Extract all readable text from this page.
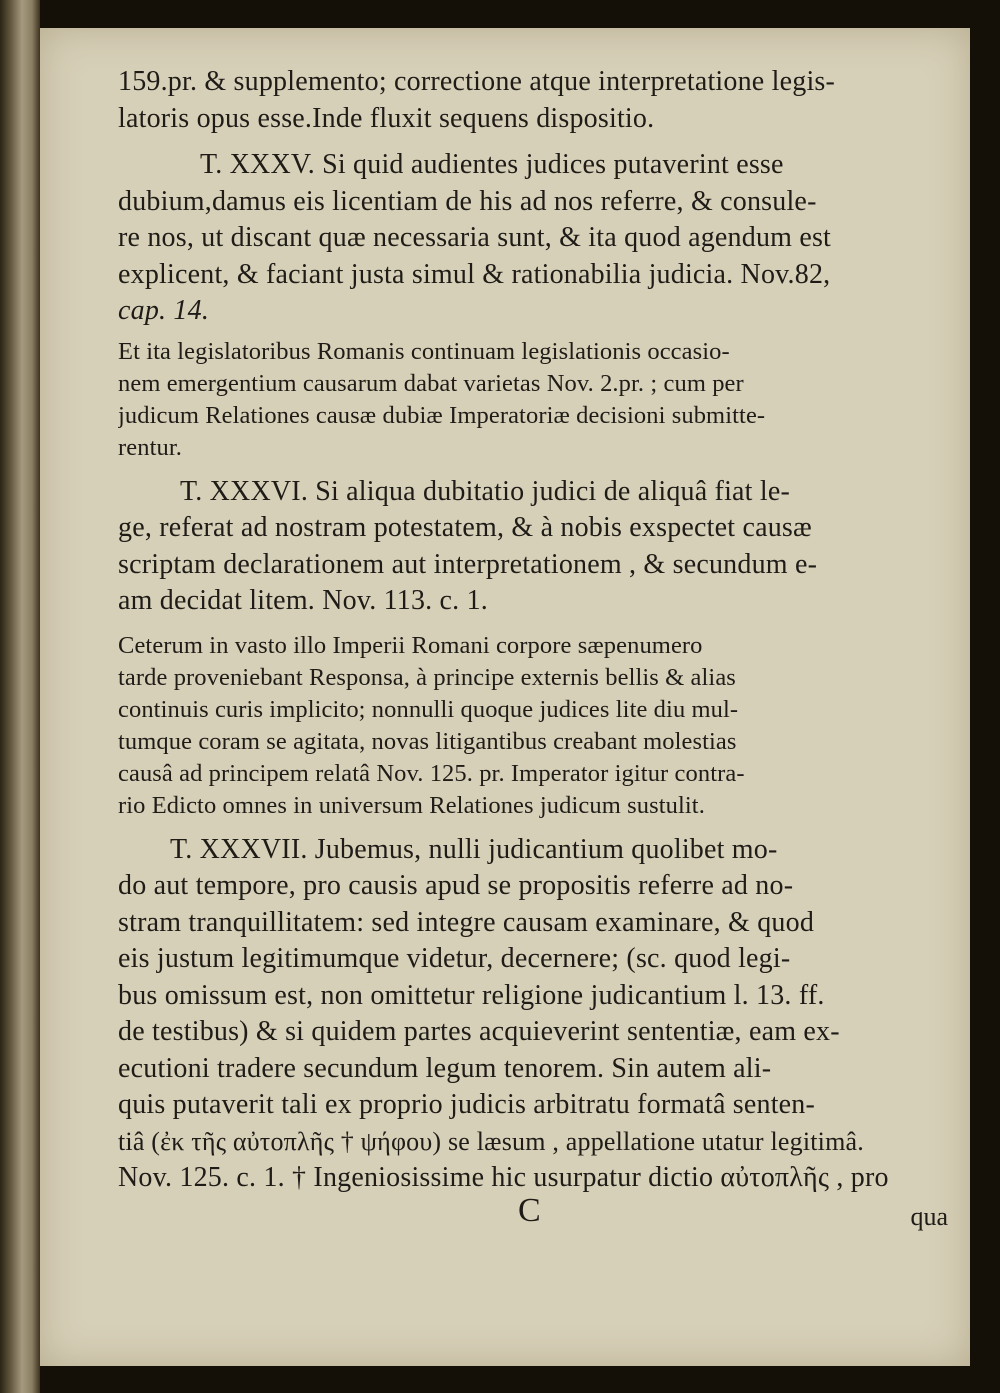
159.pr. & supplemento; correctione atque interpretatione legis-
latoris opus esse.Inde fluxit sequens dispositio.
T. XXXV. Si quid audientes judices putaverint esse
dubium,damus eis licentiam de his ad nos referre, & consule-
re nos, ut discant quæ necessaria sunt, & ita quod agendum est
explicent, & faciant justa simul & rationabilia judicia. Nov.82,
cap. 14.
Et ita legislatoribus Romanis continuam legislationis occasio-
nem emergentium causarum dabat varietas Nov. 2.pr. ; cum per
judicum Relationes causæ dubiæ Imperatoriæ decisioni submitte-
rentur.
T. XXXVI. Si aliqua dubitatio judici de aliquâ fiat le-
ge, referat ad nostram potestatem, & à nobis exspectet causæ
scriptam declarationem aut interpretationem , & secundum e-
am decidat litem. Nov. 113. c. 1.
Ceterum in vasto illo Imperii Romani corpore sæpenumero
tarde proveniebant Responsa, à principe externis bellis & alias
continuis curis implicito; nonnulli quoque judices lite diu mul-
tumque coram se agitata, novas litigantibus creabant molestias
causâ ad principem relatâ Nov. 125. pr. Imperator igitur contra-
rio Edicto omnes in universum Relationes judicum sustulit.
T. XXXVII. Jubemus, nulli judicantium quolibet mo-
do aut tempore, pro causis apud se propositis referre ad no-
stram tranquillitatem: sed integre causam examinare, & quod
eis justum legitimumque videtur, decernere; (sc. quod legi-
bus omissum est, non omittetur religione judicantium l. 13. ff.
de testibus) & si quidem partes acquieverint sententiæ, eam ex-
ecutioni tradere secundum legum tenorem. Sin autem ali-
quis putaverit tali ex proprio judicis arbitratu formatâ senten-
tiâ (ἐκ τῆς αὐτοπλῆς † ψήφου) se læsum , appellatione utatur legitimâ.
Nov. 125. c. 1. † Ingeniosissime hic usurpatur dictio αὐτοπλῆς , pro
C	qua
